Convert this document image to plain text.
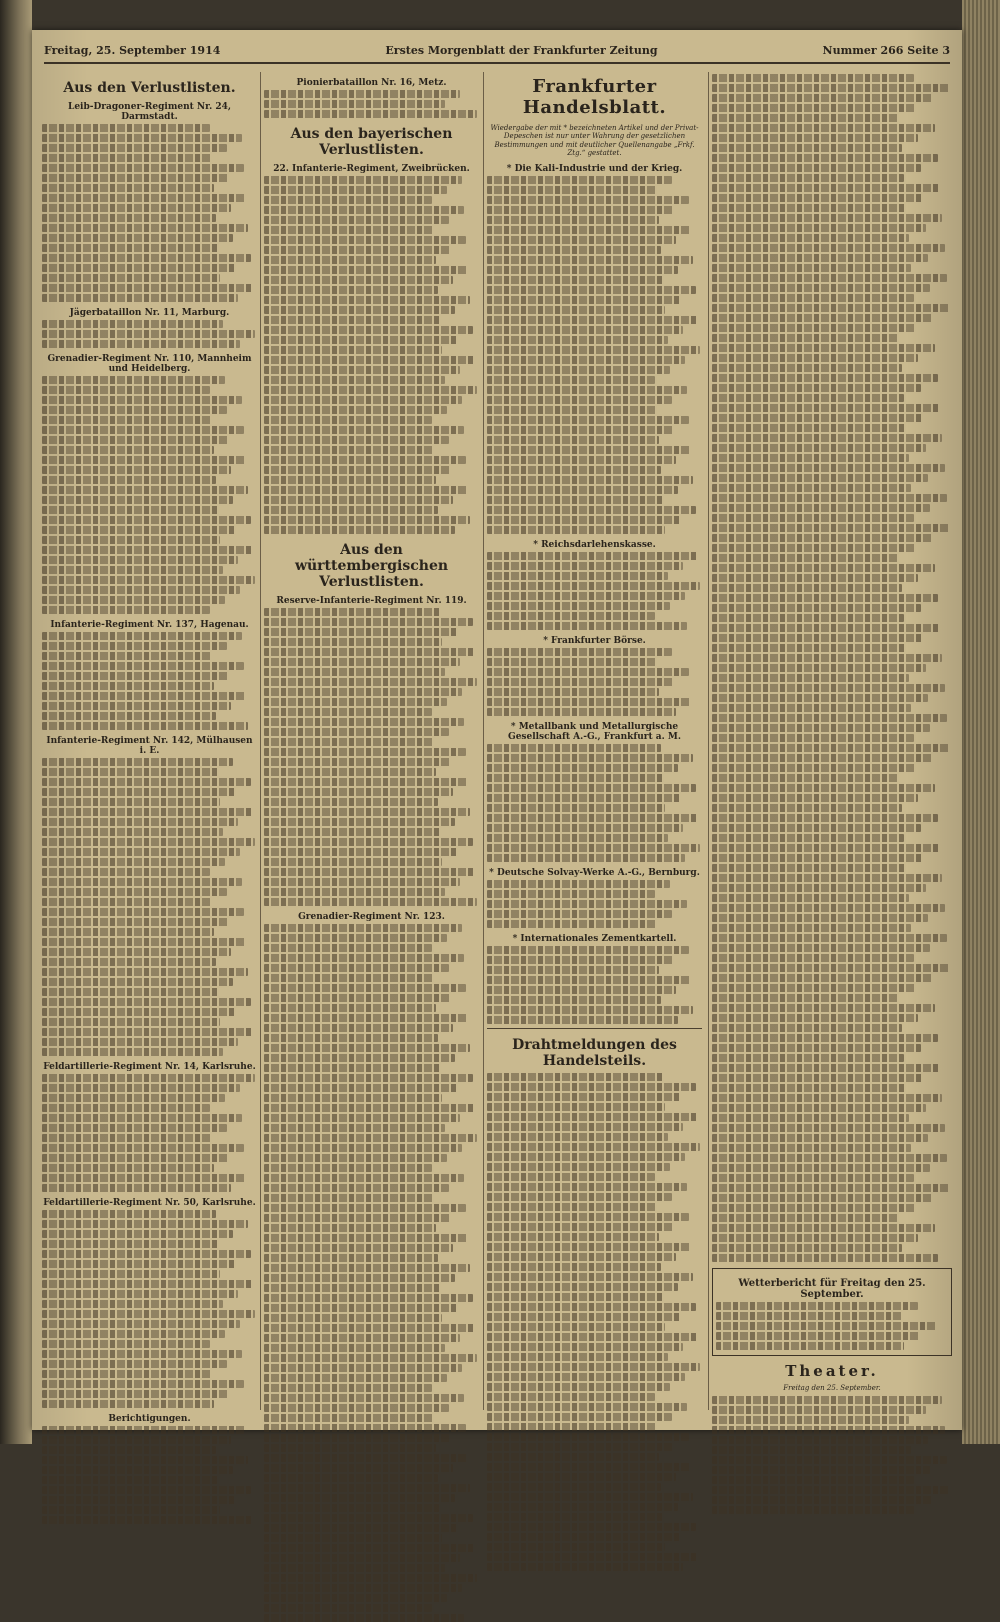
Freitag, 25. September 1914	Erstes Morgenblatt der Frankfurter Zeitung	Nummer 266 Seite 3
Aus den Verlustlisten.
Leib-Dragoner-Regiment Nr. 24, Darmstadt.
Jägerbataillon Nr. 11, Marburg.
Grenadier-Regiment Nr. 110, Mannheim und Heidelberg.
Infanterie-Regiment Nr. 137, Hagenau.
Infanterie-Regiment Nr. 142, Mülhausen i. E.
Feldartillerie-Regiment Nr. 14, Karlsruhe.
Feldartillerie-Regiment Nr. 50, Karlsruhe.
Berichtigungen.
Pionierbataillon Nr. 16, Metz.
Aus den bayerischen Verlustlisten.
22. Infanterie-Regiment, Zweibrücken.
Aus den württembergischen Verlustlisten.
Reserve-Infanterie-Regiment Nr. 119.
Grenadier-Regiment Nr. 123.
Frankfurter Handelsblatt.
Wiedergabe der mit * bezeichneten Artikel und der Privat-Depeschen ist nur unter Wahrung der gesetzlichen Bestimmungen und mit deutlicher Quellenangabe „Frkf. Ztg.“ gestattet.
* Die Kali-Industrie und der Krieg.
* Reichsdarlehenskasse.
* Frankfurter Börse.
* Metallbank und Metallurgische Gesellschaft A.-G., Frankfurt a. M.
* Deutsche Solvay-Werke A.-G., Bernburg.
* Internationales Zementkartell.
Drahtmeldungen des Handelsteils.
Wetterbericht für Freitag den 25. September.
Theater.
Freitag den 25. September.
